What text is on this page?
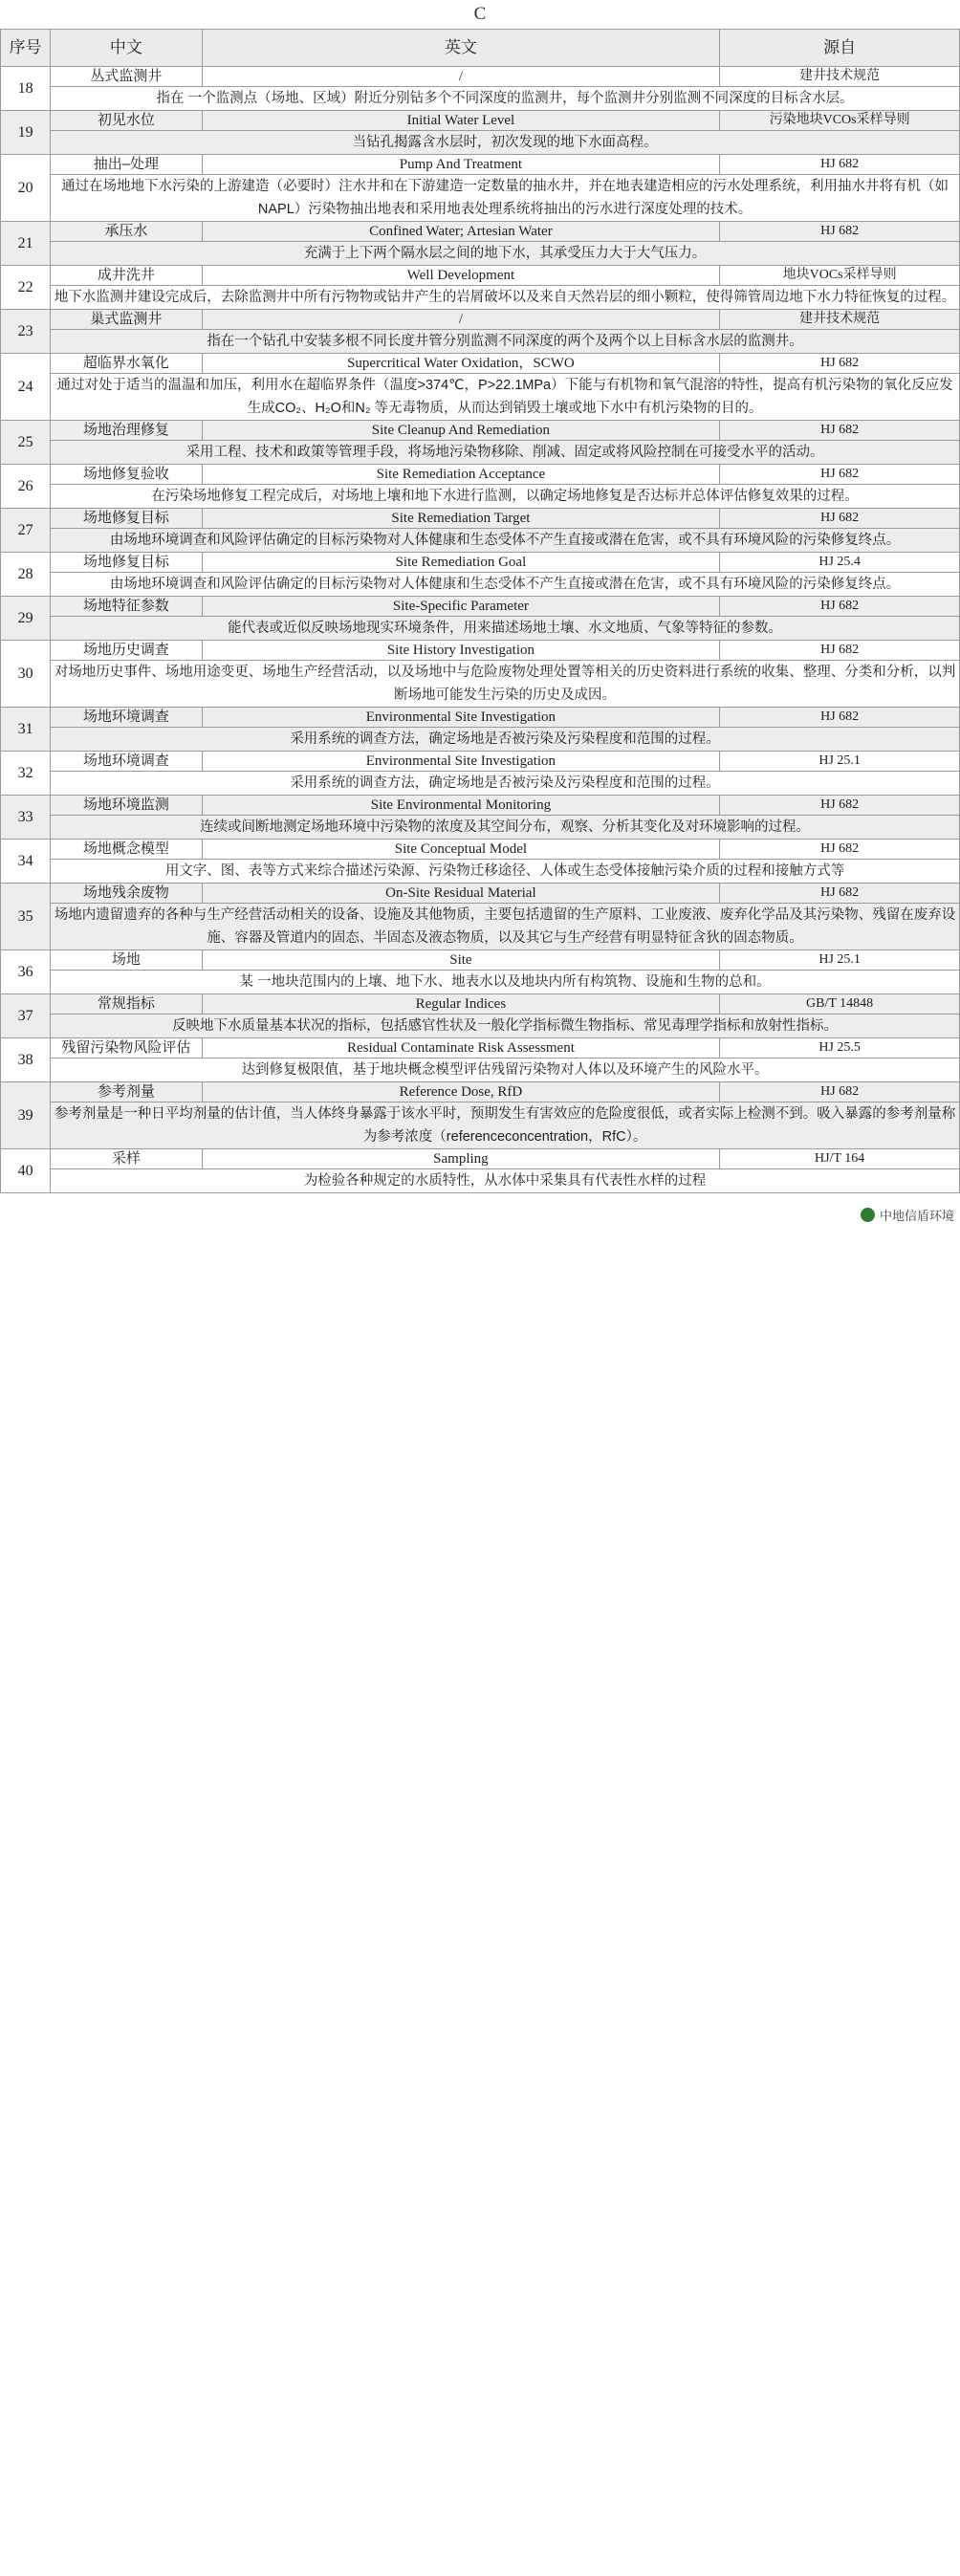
C
序号	中文	英文	源自
18	丛式监测井	/	建井技术规范
	指在 一个监测点（场地、区域）附近分别钻多个不同深度的监测井，每个监测井分别监测不同深度的目标含水层。		
19	初见水位	Initial Water Level	污染地块VCOs采样导则
	当钻孔揭露含水层时，初次发现的地下水面高程。		
20	抽出–处理	Pump And Treatment	HJ 682
	通过在场地地下水污染的上游建造（必要时）注水井和在下游建造一定数量的抽水井，并在地表建造相应的污水处理系统，利用抽水井将有机（如NAPL）污染物抽出地表和采用地表处理系统将抽出的污水进行深度处理的技术。		
21	承压水	Confined Water; Artesian Water	HJ 682
	充满于上下两个隔水层之间的地下水，其承受压力大于大气压力。		
22	成井洗井	Well Development	地块VOCs采样导则
	地下水监测井建设完成后，去除监测井中所有污物物或钻井产生的岩屑破坏以及来自天然岩层的细小颗粒，使得筛管周边地下水力特征恢复的过程。		
23	巢式监测井	/	建井技术规范
	指在一个钻孔中安装多根不同长度井管分别监测不同深度的两个及两个以上目标含水层的监测井。		
24	超临界水氧化	Supercritical Water Oxidation，SCWO	HJ 682
	通过对处于适当的温温和加压，利用水在超临界条件（温度>374℃，P>22.1MPa）下能与有机物和氧气混溶的特性，提高有机污染物的氧化反应发生成CO₂、H₂O和N₂ 等无毒物质，从而达到销毁土壤或地下水中有机污染物的目的。		
25	场地治理修复	Site Cleanup And Remediation	HJ 682
	采用工程、技术和政策等管理手段，将场地污染物移除、削减、固定或将风险控制在可接受水平的活动。		
26	场地修复验收	Site Remediation Acceptance	HJ 682
	在污染场地修复工程完成后，对场地上壤和地下水进行监测，以确定场地修复是否达标并总体评估修复效果的过程。		
27	场地修复目标	Site Remediation Target	HJ 682
	由场地环境调查和风险评估确定的目标污染物对人体健康和生态受体不产生直接或潜在危害，或不具有环境风险的污染修复终点。		
28	场地修复目标	Site Remediation Goal	HJ 25.4
	由场地环境调查和风险评估确定的目标污染物对人体健康和生态受体不产生直接或潜在危害，或不具有环境风险的污染修复终点。		
29	场地特征参数	Site-Specific Parameter	HJ 682
	能代表或近似反映场地现实环境条件，用来描述场地土壤、水文地质、气象等特征的参数。		
30	场地历史调查	Site History Investigation	HJ 682
	对场地历史事件、场地用途变更、场地生产经营活动，以及场地中与危险废物处理处置等相关的历史资料进行系统的收集、整理、分类和分析，以判断场地可能发生污染的历史及成因。		
31	场地环境调查	Environmental Site Investigation	HJ 682
	采用系统的调查方法，确定场地是否被污染及污染程度和范围的过程。		
32	场地环境调查	Environmental Site Investigation	HJ 25.1
	采用系统的调查方法，确定场地是否被污染及污染程度和范围的过程。		
33	场地环境监测	Site Environmental Monitoring	HJ 682
	连续或间断地测定场地环境中污染物的浓度及其空间分布，观察、分析其变化及对环境影响的过程。		
34	场地概念模型	Site Conceptual Model	HJ 682
	用文字、图、表等方式来综合描述污染源、污染物迁移途径、人体或生态受体接触污染介质的过程和接触方式等		
35	场地残余废物	On-Site Residual Material	HJ 682
	场地内遗留遗弃的各种与生产经营活动相关的设备、设施及其他物质，主要包括遗留的生产原料、工业废液、废弃化学品及其污染物、残留在废弃设施、容器及管道内的固态、半固态及液态物质，以及其它与生产经营有明显特征含狄的固态物质。		
36	场地	Site	HJ 25.1
	某 一地块范围内的上壤、地下水、地表水以及地块内所有构筑物、设施和生物的总和。		
37	常规指标	Regular Indices	GB/T 14848
	反映地下水质量基本状况的指标，包括感官性状及一般化学指标微生物指标、常见毒理学指标和放射性指标。		
38	残留污染物风险评估	Residual Contaminate Risk Assessment	HJ 25.5
	达到修复极限值，基于地块概念模型评估残留污染物对人体以及环境产生的风险水平。		
39	参考剂量	Reference Dose, RfD	HJ 682
	参考剂量是一种日平均剂量的估计值，当人体终身暴露于该水平时，预期发生有害效应的危险度很低，或者实际上检测不到。吸入暴露的参考剂量称为参考浓度（referenceconcentration，RfC）。		
40	采样	Sampling	HJ/T 164
	为检验各种规定的水质特性，从水体中采集具有代表性水样的过程		
中地信盾环境
